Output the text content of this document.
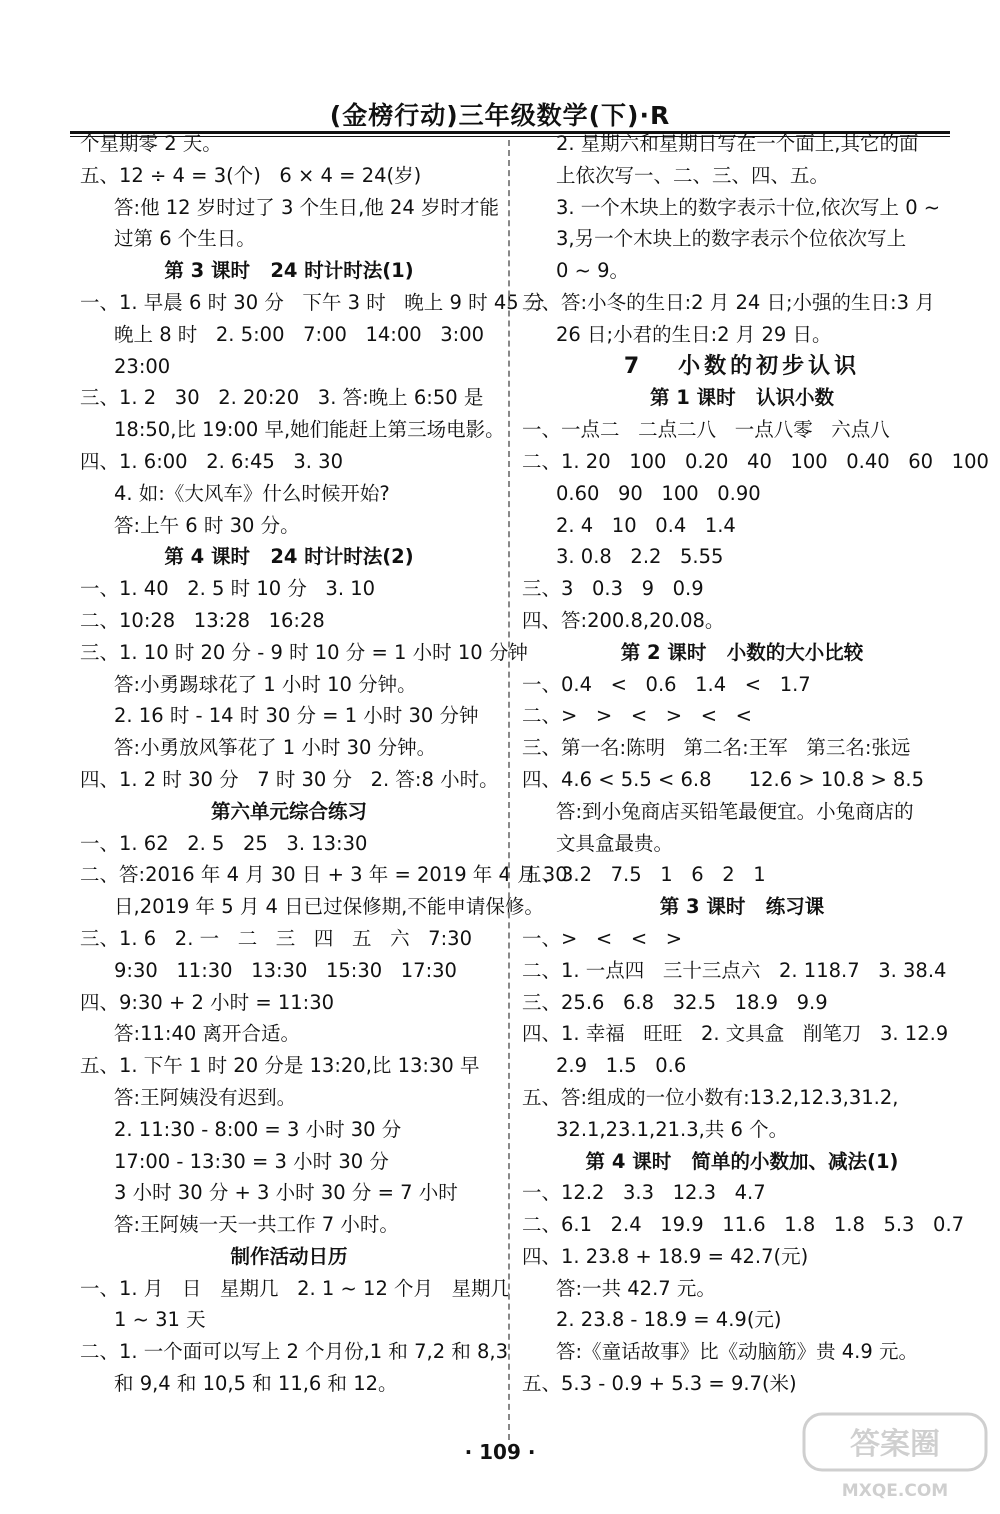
(金榜行动)三年级数学(下)·R
个星期零 2 天。
五、12 ÷ 4 = 3(个)   6 × 4 = 24(岁)
答:他 12 岁时过了 3 个生日,他 24 岁时才能
过第 6 个生日。
第 3 课时   24 时计时法(1)
一、1. 早晨 6 时 30 分   下午 3 时   晚上 9 时 45 分
晚上 8 时   2. 5:00   7:00   14:00   3:00
23:00
三、1. 2   30   2. 20:20   3. 答:晚上 6:50 是
18:50,比 19:00 早,她们能赶上第三场电影。
四、1. 6:00   2. 6:45   3. 30
4. 如:《大风车》什么时候开始?
答:上午 6 时 30 分。
第 4 课时   24 时计时法(2)
一、1. 40   2. 5 时 10 分   3. 10
二、10:28   13:28   16:28
三、1. 10 时 20 分 - 9 时 10 分 = 1 小时 10 分钟
答:小勇踢球花了 1 小时 10 分钟。
2. 16 时 - 14 时 30 分 = 1 小时 30 分钟
答:小勇放风筝花了 1 小时 30 分钟。
四、1. 2 时 30 分   7 时 30 分   2. 答:8 小时。
第六单元综合练习
一、1. 62   2. 5   25   3. 13:30
二、答:2016 年 4 月 30 日 + 3 年 = 2019 年 4 月 30
日,2019 年 5 月 4 日已过保修期,不能申请保修。
三、1. 6   2. 一   二   三   四   五   六   7:30
9:30   11:30   13:30   15:30   17:30
四、9:30 + 2 小时 = 11:30
答:11:40 离开合适。
五、1. 下午 1 时 20 分是 13:20,比 13:30 早
答:王阿姨没有迟到。
2. 11:30 - 8:00 = 3 小时 30 分
17:00 - 13:30 = 3 小时 30 分
3 小时 30 分 + 3 小时 30 分 = 7 小时
答:王阿姨一天一共工作 7 小时。
制作活动日历
一、1. 月   日   星期几   2. 1 ~ 12 个月   星期几
1 ~ 31 天
二、1. 一个面可以写上 2 个月份,1 和 7,2 和 8,3
和 9,4 和 10,5 和 11,6 和 12。
2. 星期六和星期日写在一个面上,其它的面
上依次写一、二、三、四、五。
3. 一个木块上的数字表示十位,依次写上 0 ~
3,另一个木块上的数字表示个位依次写上
0 ~ 9。
三、答:小冬的生日:2 月 24 日;小强的生日:3 月
26 日;小君的生日:2 月 29 日。
7   小数的初步认识
第 1 课时   认识小数
一、一点二   二点二八   一点八零   六点八
二、1. 20   100   0.20   40   100   0.40   60   100
0.60   90   100   0.90
2. 4   10   0.4   1.4
3. 0.8   2.2   5.55
三、3   0.3   9   0.9
四、答:200.8,20.08。
第 2 课时   小数的大小比较
一、0.4   <   0.6   1.4   <   1.7
二、>   >   <   >   <   <
三、第一名:陈明   第二名:王军   第三名:张远
四、4.6 < 5.5 < 6.8      12.6 > 10.8 > 8.5
答:到小兔商店买铅笔最便宜。小兔商店的
文具盒最贵。
五、3.2   7.5   1   6   2   1
第 3 课时   练习课
一、>   <   <   >
二、1. 一点四   三十三点六   2. 118.7   3. 38.4
三、25.6   6.8   32.5   18.9   9.9
四、1. 幸福   旺旺   2. 文具盒   削笔刀   3. 12.9
2.9   1.5   0.6
五、答:组成的一位小数有:13.2,12.3,31.2,
32.1,23.1,21.3,共 6 个。
第 4 课时   简单的小数加、减法(1)
一、12.2   3.3   12.3   4.7
二、6.1   2.4   19.9   11.6   1.8   1.8   5.3   0.7
四、1. 23.8 + 18.9 = 42.7(元)
答:一共 42.7 元。
2. 23.8 - 18.9 = 4.9(元)
答:《童话故事》比《动脑筋》贵 4.9 元。
五、5.3 - 0.9 + 5.3 = 9.7(米)
· 109 ·	答案圈
MXQE.COM
